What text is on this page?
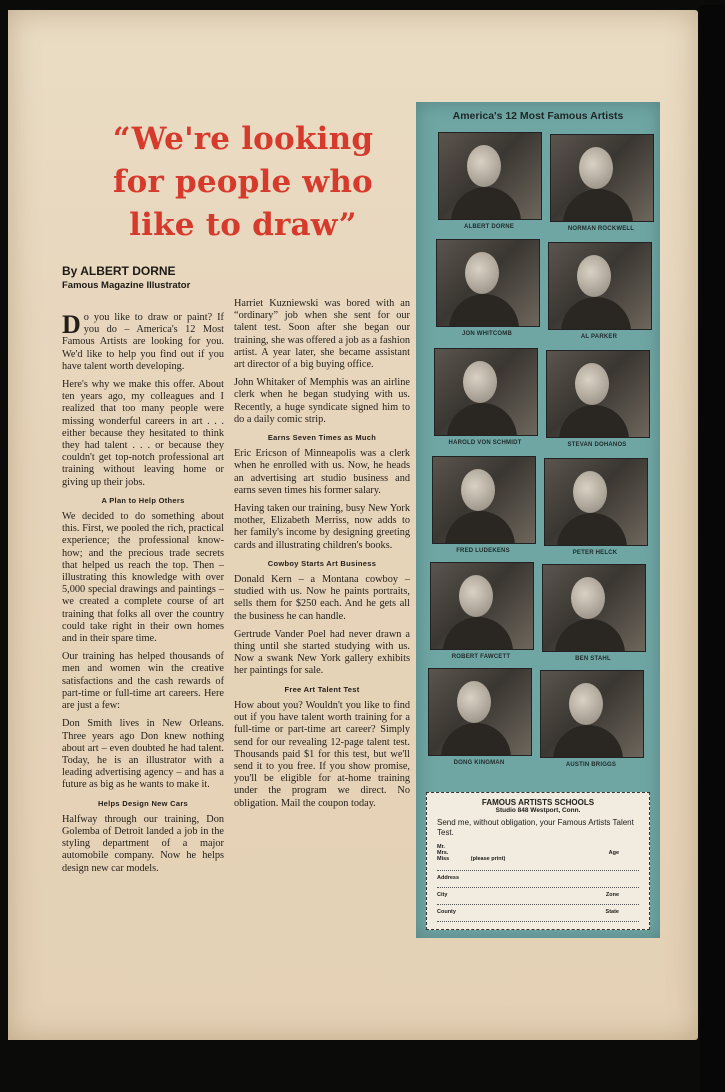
“We're looking for people who like to draw”
By ALBERT DORNE
Famous Magazine Illustrator

Do you like to draw or paint? If you do – America's 12 Most Famous Artists are looking for you. We'd like to help you find out if you have talent worth developing.

Here's why we make this offer. About ten years ago, my colleagues and I realized that too many people were missing wonderful careers in art . . . either because they hesitated to think they had talent . . . or because they couldn't get top-notch professional art training without leaving home or giving up their jobs.

A Plan to Help Others

We decided to do something about this. First, we pooled the rich, practical experience; the professional know-how; and the precious trade secrets that helped us reach the top. Then – illustrating this knowledge with over 5,000 special drawings and paintings – we created a complete course of art training that folks all over the country could take right in their own homes and in their spare time.

Our training has helped thousands of men and women win the creative satisfactions and the cash rewards of part-time or full-time art careers. Here are just a few:

Don Smith lives in New Orleans. Three years ago Don knew nothing about art – even doubted he had talent. Today, he is an illustrator with a leading advertising agency – and has a future as big as he wants to make it.

Helps Design New Cars

Halfway through our training, Don Golemba of Detroit landed a job in the styling department of a major automobile company. Now he helps design new car models.

Harriet Kuzniewski was bored with an “ordinary” job when she sent for our talent test. Soon after she began our training, she was offered a job as a fashion artist. A year later, she became assistant art director of a big buying office.

John Whitaker of Memphis was an airline clerk when he began studying with us. Recently, a huge syndicate signed him to do a daily comic strip.

Earns Seven Times as Much

Eric Ericson of Minneapolis was a clerk when he enrolled with us. Now, he heads an advertising art studio business and earns seven times his former salary.

Having taken our training, busy New York mother, Elizabeth Merriss, now adds to her family's income by designing greeting cards and illustrating children's books.

Cowboy Starts Art Business

Donald Kern – a Montana cowboy – studied with us. Now he paints portraits, sells them for $250 each. And he gets all the business he can handle.

Gertrude Vander Poel had never drawn a thing until she started studying with us. Now a swank New York gallery exhibits her paintings for sale.

Free Art Talent Test

How about you? Wouldn't you like to find out if you have talent worth training for a full-time or part-time art career? Simply send for our revealing 12-page talent test. Thousands paid $1 for this test, but we'll send it to you free. If you show promise, you'll be eligible for at-home training under the program we direct. No obligation. Mail the coupon today.

America's 12 Most Famous Artists
ALBERT DORNE	NORMAN ROCKWELL
JON WHITCOMB	AL PARKER
HAROLD VON SCHMIDT	STEVAN DOHANOS
FRED LUDEKENS	PETER HELCK
ROBERT FAWCETT	BEN STAHL
DONG KINGMAN	AUSTIN BRIGGS
FAMOUS ARTISTS SCHOOLS
Studio 848 Westport, Conn.
Send me, without obligation, your Famous Artists Talent Test.
Mr.
Mrs.	Age

Miss	(please print)
Address
City	Zone
County	State
